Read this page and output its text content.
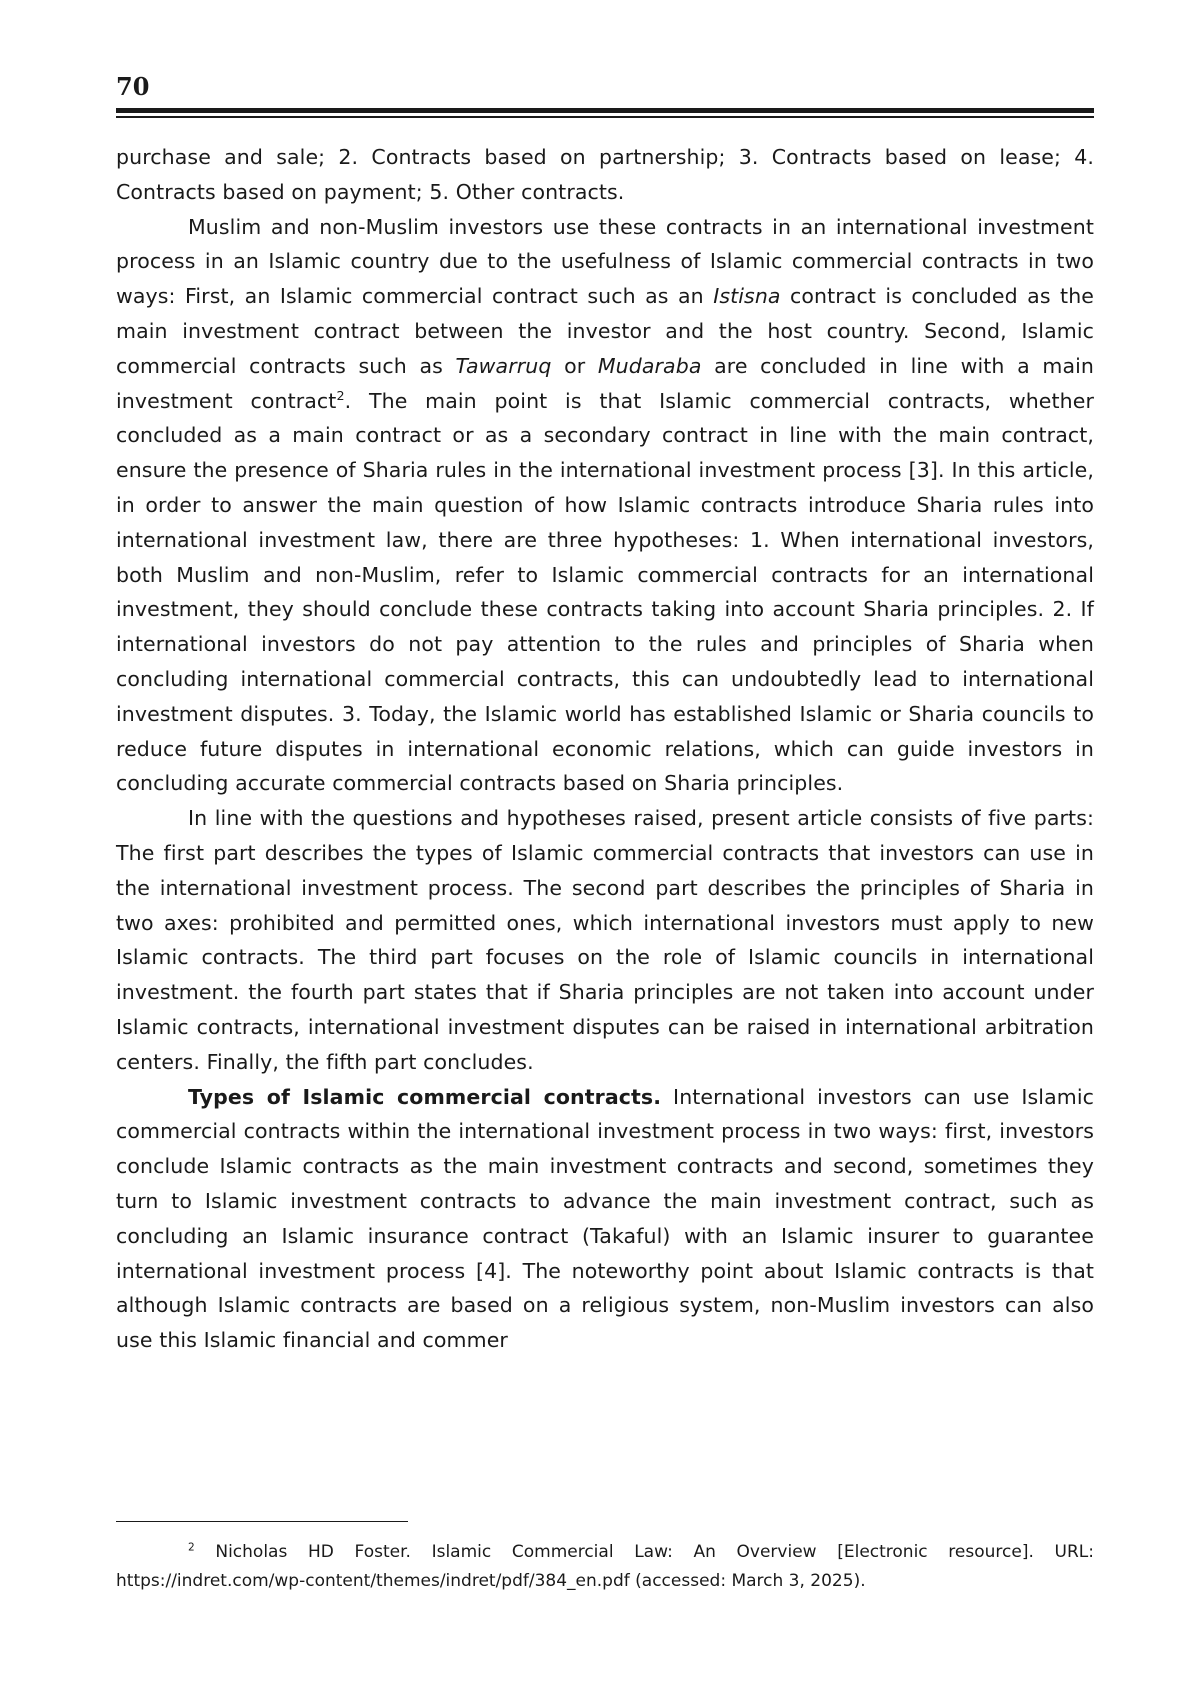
70

purchase and sale; 2. Contracts based on partnership; 3. Contracts based on lease; 4. Contracts based on payment; 5. Other contracts.

Muslim and non-Muslim investors use these contracts in an international investment process in an Islamic country due to the usefulness of Islamic commercial contracts in two ways: First, an Islamic commercial contract such as an Istisna contract is concluded as the main investment contract between the investor and the host country. Second, Islamic commercial contracts such as Tawarruq or Mudaraba are concluded in line with a main investment contract$^2$. The main point is that Islamic commercial contracts, whether concluded as a main contract or as a secondary contract in line with the main contract, ensure the presence of Sharia rules in the international investment process [3]. In this article, in order to answer the main question of how Islamic contracts introduce Sharia rules into international investment law, there are three hypotheses: 1. When international investors, both Muslim and non-Muslim, refer to Islamic commercial contracts for an international investment, they should conclude these contracts taking into account Sharia principles. 2. If international investors do not pay attention to the rules and principles of Sharia when concluding international commercial contracts, this can undoubtedly lead to international investment disputes. 3. Today, the Islamic world has established Islamic or Sharia councils to reduce future disputes in international economic relations, which can guide investors in concluding accurate commercial contracts based on Sharia principles.

In line with the questions and hypotheses raised, present article consists of five parts: The first part describes the types of Islamic commercial contracts that investors can use in the international investment process. The second part describes the principles of Sharia in two axes: prohibited and permitted ones, which international investors must apply to new Islamic contracts. The third part focuses on the role of Islamic councils in international investment. the fourth part states that if Sharia principles are not taken into account under Islamic contracts, international investment disputes can be raised in international arbitration centers. Finally, the fifth part concludes.

Types of Islamic commercial contracts. International investors can use Islamic commercial contracts within the international investment process in two ways: first, investors conclude Islamic contracts as the main investment contracts and second, sometimes they turn to Islamic investment contracts to advance the main investment contract, such as concluding an Islamic insurance contract (Takaful) with an Islamic insurer to guarantee international investment process [4]. The noteworthy point about Islamic contracts is that although Islamic contracts are based on a religious system, non-Muslim investors can also use this Islamic financial and commer

$^2$ Nicholas HD Foster. Islamic Commercial Law: An Overview [Electronic resource]. URL: https://indret.com/wp-content/themes/indret/pdf/384_en.pdf (accessed: March 3, 2025).
